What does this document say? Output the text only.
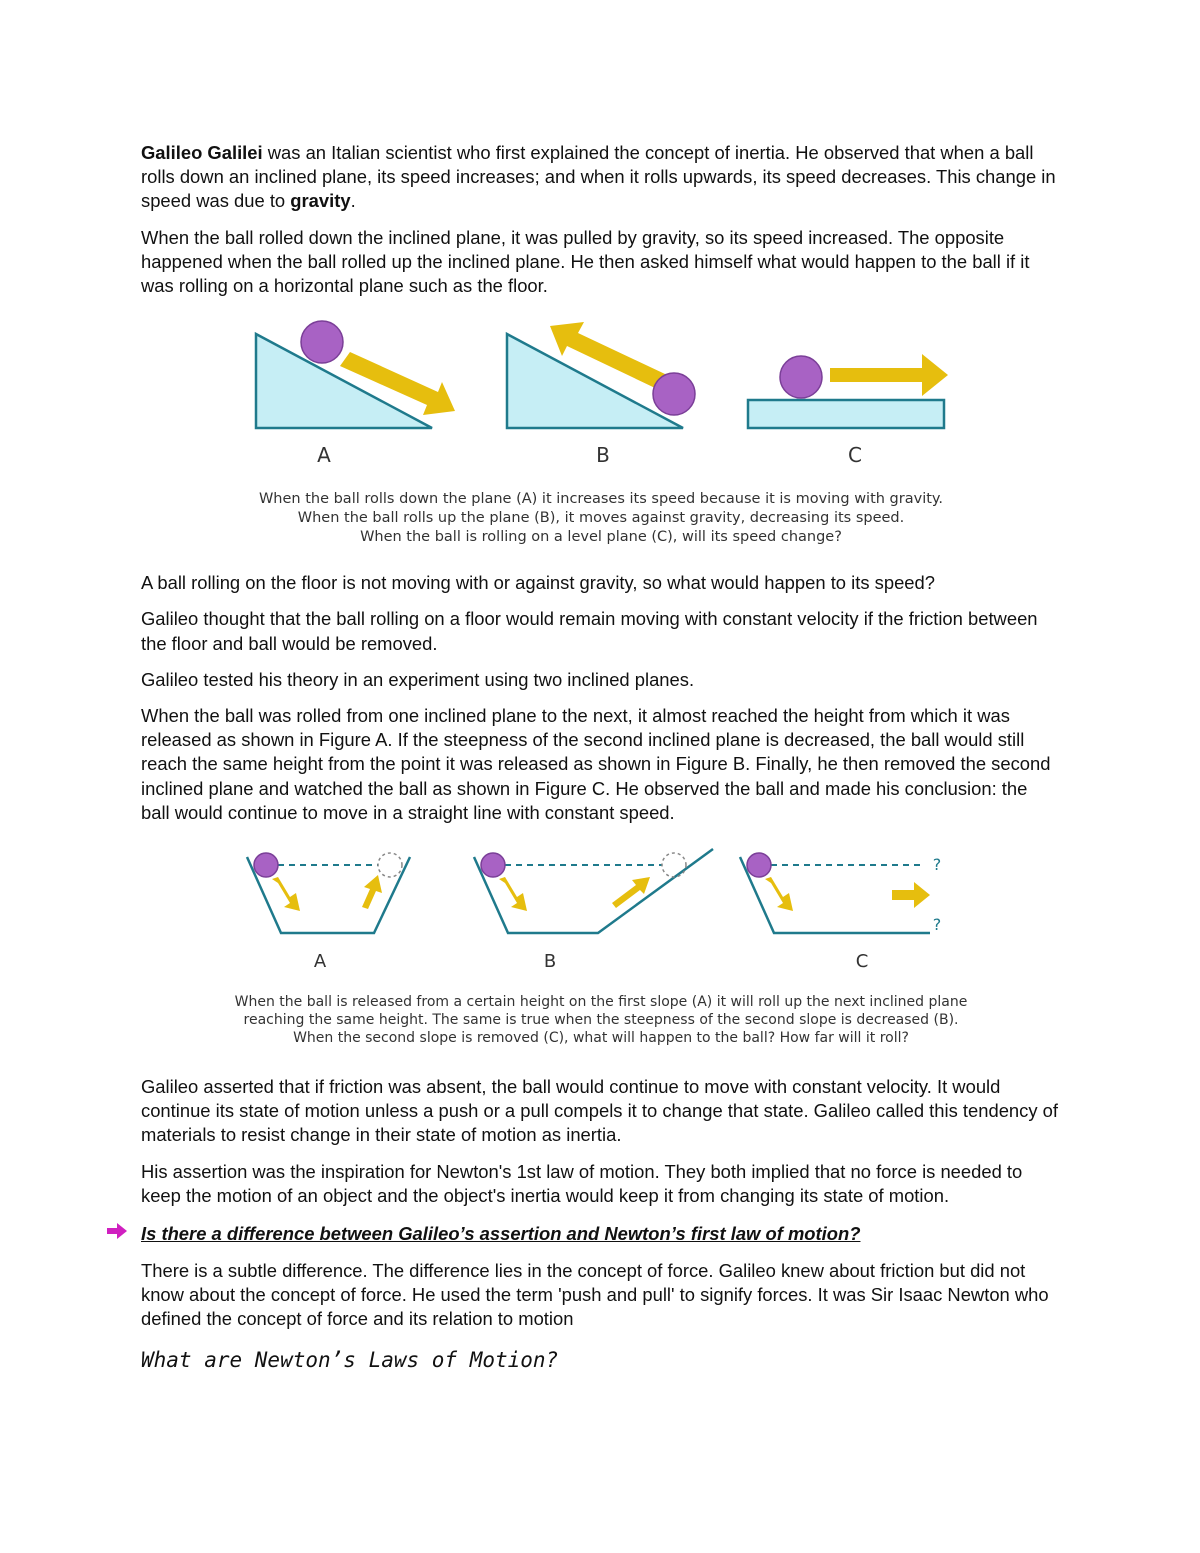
Galileo Galilei was an Italian scientist who first explained the concept of inertia. He observed that when a ball rolls down an inclined plane, its speed increases; and when it rolls upwards, its speed decreases. This change in speed was due to gravity.

When the ball rolled down the inclined plane, it was pulled by gravity, so its speed increased. The opposite happened when the ball rolled up the inclined plane. He then asked himself what would happen to the ball if it was rolling on a horizontal plane such as the floor.

A	B	C
When the ball rolls down the plane (A) it increases its speed because it is moving with gravity.
When the ball rolls up the plane (B), it moves against gravity, decreasing its speed.
When the ball is rolling on a level plane (C), will its speed change?

A ball rolling on the floor is not moving with or against gravity, so what would happen to its speed?

Galileo thought that the ball rolling on a floor would remain moving with constant velocity if the friction between the floor and ball would be removed.

Galileo tested his theory in an experiment using two inclined planes.

When the ball was rolled from one inclined plane to the next, it almost reached the height from which it was released as shown in Figure A. If the steepness of the second inclined plane is decreased, the ball would still reach the same height from the point it was released as shown in Figure B. Finally, he then removed the second inclined plane and watched the ball as shown in Figure C. He observed the ball and made his conclusion: the ball would continue to move in a straight line with constant speed.

?
?
A	B	C
When the ball is released from a certain height on the first slope (A) it will roll up the next inclined plane
reaching the same height. The same is true when the steepness of the second slope is decreased (B).
When the second slope is removed (C), what will happen to the ball? How far will it roll?

Galileo asserted that if friction was absent, the ball would continue to move with constant velocity. It would continue its state of motion unless a push or a pull compels it to change that state. Galileo called this tendency of materials to resist change in their state of motion as inertia.

His assertion was the inspiration for Newton's 1st law of motion. They both implied that no force is needed to keep the motion of an object and the object's inertia would keep it from changing its state of motion.

Is there a difference between Galileo’s assertion and Newton’s first law of motion?

There is a subtle difference. The difference lies in the concept of force. Galileo knew about friction but did not know about the concept of force. He used the term 'push and pull' to signify forces. It was Sir Isaac Newton who defined the concept of force and its relation to motion

What are Newton’s Laws of Motion?
